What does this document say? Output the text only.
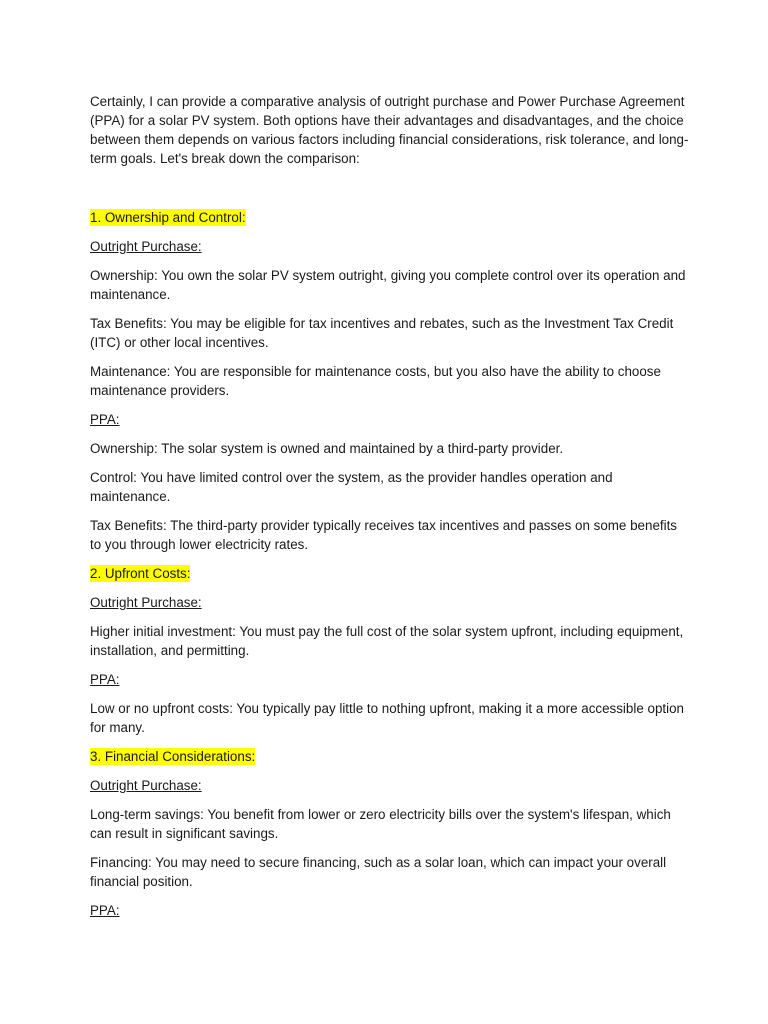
Certainly, I can provide a comparative analysis of outright purchase and Power Purchase Agreement (PPA) for a solar PV system. Both options have their advantages and disadvantages, and the choice between them depends on various factors including financial considerations, risk tolerance, and long-term goals. Let's break down the comparison:

1. Ownership and Control:

Outright Purchase:

Ownership: You own the solar PV system outright, giving you complete control over its operation and maintenance.

Tax Benefits: You may be eligible for tax incentives and rebates, such as the Investment Tax Credit (ITC) or other local incentives.

Maintenance: You are responsible for maintenance costs, but you also have the ability to choose maintenance providers.

PPA:

Ownership: The solar system is owned and maintained by a third-party provider.

Control: You have limited control over the system, as the provider handles operation and maintenance.

Tax Benefits: The third-party provider typically receives tax incentives and passes on some benefits to you through lower electricity rates.

2. Upfront Costs:

Outright Purchase:

Higher initial investment: You must pay the full cost of the solar system upfront, including equipment, installation, and permitting.

PPA:

Low or no upfront costs: You typically pay little to nothing upfront, making it a more accessible option for many.

3. Financial Considerations:

Outright Purchase:

Long-term savings: You benefit from lower or zero electricity bills over the system's lifespan, which can result in significant savings.

Financing: You may need to secure financing, such as a solar loan, which can impact your overall financial position.

PPA:
